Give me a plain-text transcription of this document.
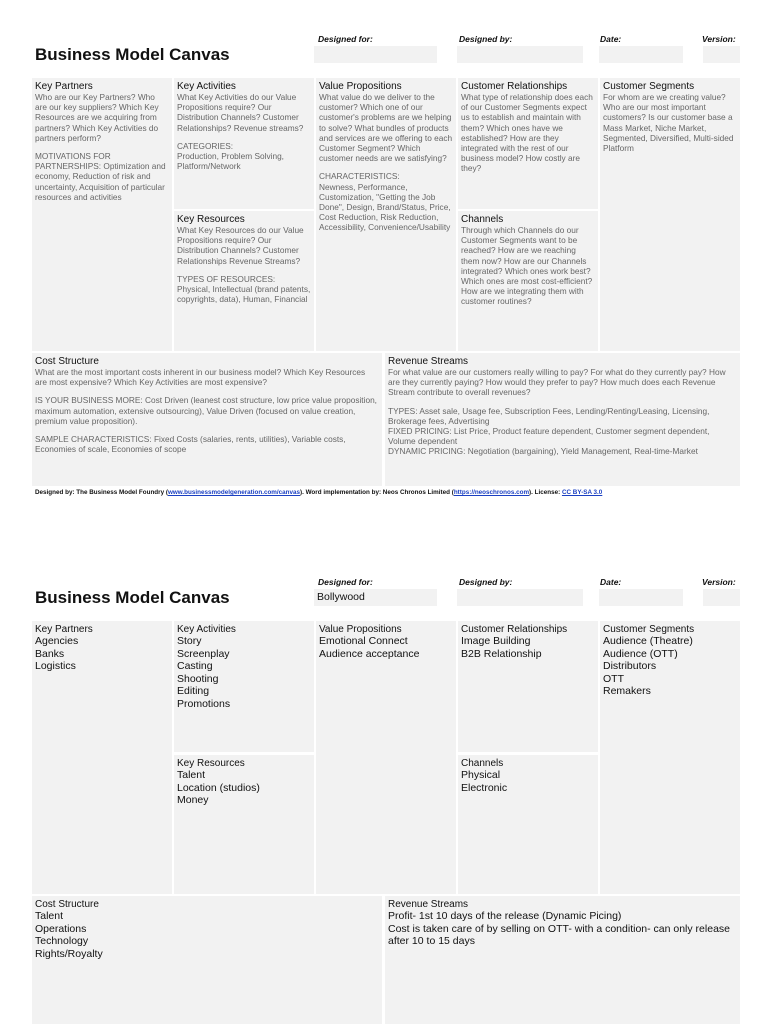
Business Model Canvas
Designed for:	Designed by:	Date:	Version:
Key Partners

Who are our Key Partners? Who are our key suppliers? Which Key Resources are we acquiring from partners? Which Key Activities do partners perform?

MOTIVATIONS FOR PARTNERSHIPS: Optimization and economy, Reduction of risk and uncertainty, Acquisition of particular resources and activities

Key Activities

What Key Activities do our Value Propositions require? Our Distribution Channels? Customer Relationships? Revenue streams?

CATEGORIES:
Production, Problem Solving, Platform/Network

Key Resources

What Key Resources do our Value Propositions require? Our Distribution Channels? Customer Relationships Revenue Streams?

TYPES OF RESOURCES:
Physical, Intellectual (brand patents, copyrights, data), Human, Financial

Value Propositions

What value do we deliver to the customer? Which one of our customer's problems are we helping to solve? What bundles of products and services are we offering to each Customer Segment? Which customer needs are we satisfying?

CHARACTERISTICS:
Newness, Performance, Customization, "Getting the Job Done", Design, Brand/Status, Price, Cost Reduction, Risk Reduction, Accessibility, Convenience/Usability

Customer Relationships

What type of relationship does each of our Customer Segments expect us to establish and maintain with them? Which ones have we established? How are they integrated with the rest of our business model? How costly are they?

Channels

Through which Channels do our Customer Segments want to be reached? How are we reaching them now? How are our Channels integrated? Which ones work best? Which ones are most cost-efficient? How are we integrating them with customer routines?

Customer Segments

For whom are we creating value? Who are our most important customers? Is our customer base a Mass Market, Niche Market, Segmented, Diversified, Multi-sided Platform

Cost Structure

What are the most important costs inherent in our business model? Which Key Resources are most expensive? Which Key Activities are most expensive?

IS YOUR BUSINESS MORE: Cost Driven (leanest cost structure, low price value proposition, maximum automation, extensive outsourcing), Value Driven (focused on value creation, premium value proposition).

SAMPLE CHARACTERISTICS: Fixed Costs (salaries, rents, utilities), Variable costs, Economies of scale, Economies of scope

Revenue Streams

For what value are our customers really willing to pay? For what do they currently pay? How are they currently paying? How would they prefer to pay? How much does each Revenue Stream contribute to overall revenues?

TYPES: Asset sale, Usage fee, Subscription Fees, Lending/Renting/Leasing, Licensing, Brokerage fees, Advertising
FIXED PRICING: List Price, Product feature dependent, Customer segment dependent, Volume dependent
DYNAMIC PRICING: Negotiation (bargaining), Yield Management, Real-time-Market

Designed by: The Business Model Foundry (www.businessmodelgeneration.com/canvas). Word implementation by: Neos Chronos Limited (https://neoschronos.com). License: CC BY-SA 3.0
Business Model Canvas
Designed for:
Bollywood
Designed by:	Date:	Version:
Key Partners
Agencies
Banks
Logistics
Key Activities
Story
Screenplay
Casting
Shooting
Editing
Promotions
Key Resources
Talent
Location (studios)
Money
Value Propositions
Emotional Connect
Audience acceptance
Customer Relationships
Image Building
B2B Relationship
Channels
Physical
Electronic
Customer Segments
Audience (Theatre)
Audience (OTT)
Distributors
OTT
Remakers
Cost Structure
Talent
Operations
Technology
Rights/Royalty
Revenue Streams
Profit- 1st 10 days of the release (Dynamic Picing)
Cost is taken care of by selling on OTT- with a condition- can only release after 10 to 15 days
